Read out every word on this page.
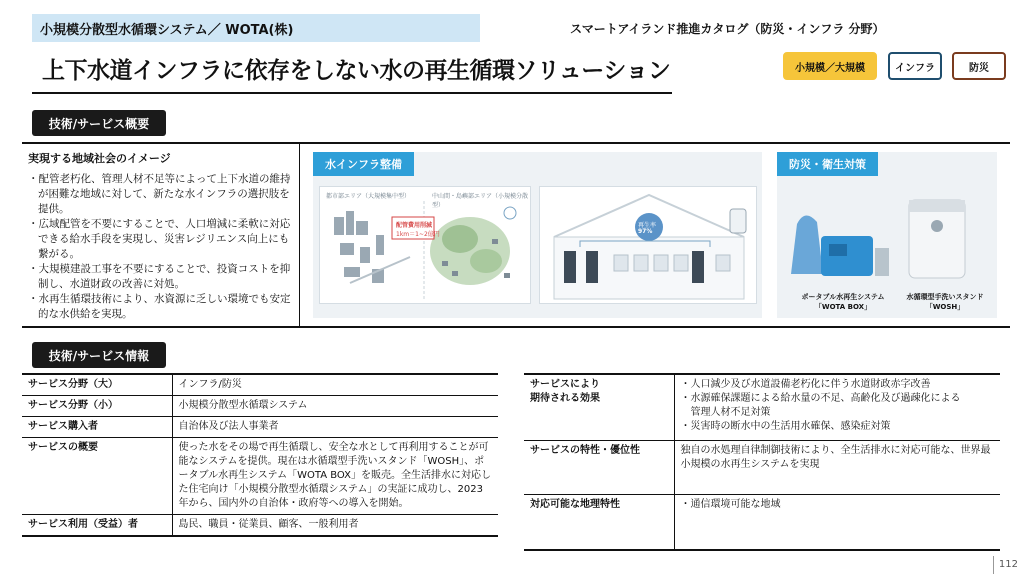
小規模分散型水循環システム／ WOTA(株)	スマートアイランド推進カタログ（防災・インフラ 分野）
上下水道インフラに依存をしない水の再生循環ソリューション	小規模／大規模	インフラ	防災
技術/サービス概要
実現する地域社会のイメージ
・配管老朽化、管理人材不足等によって上下水道の維持が困難な地域に対して、新たな水インフラの選択肢を提供。
・広域配管を不要にすることで、人口増減に柔軟に対応できる給水手段を実現し、災害レジリエンス向上にも繋がる。
・大規模建設工事を不要にすることで、投資コストを抑制し、水道財政の改善に対処。
・水再生循環技術により、水資源に乏しい環境でも安定的な水供給を実現。
水インフラ整備
都市部エリア（大規模集中型）	中山間・島嶼部エリア（小規模分散型）
配管費用削減
1km＝1~2億円
再生率
97%
防災・衛生対策
ポータブル水再生システム
「WOTA BOX」
水循環型手洗いスタンド
「WOSH」
技術/サービス情報
サービス分野（大）	インフラ/防災
サービス分野（小）	小規模分散型水循環システム
サービス購入者	自治体及び法人事業者
サービスの概要	使った水をその場で再生循環し、安全な水として再利用することが可能なシステムを提供。現在は水循環型手洗いスタンド「WOSH」、ポータブル水再生システム「WOTA BOX」を販売。全生活排水に対応した住宅向け「小規模分散型水循環システム」の実証に成功し、2023年から、国内外の自治体・政府等への導入を開始。
サービス利用（受益）者	島民、職員・従業員、顧客、一般利用者
サービスにより
期待される効果	・人口減少及び水道設備老朽化に伴う水道財政赤字改善
・水源確保課題による給水量の不足、高齢化及び過疎化による
　管理人材不足対策
・災害時の断水中の生活用水確保、感染症対策
サービスの特性・優位性	独自の水処理自律制御技術により、全生活排水に対応可能な、世界最小規模の水再生システムを実現
対応可能な地理特性	・通信環境可能な地域
112
